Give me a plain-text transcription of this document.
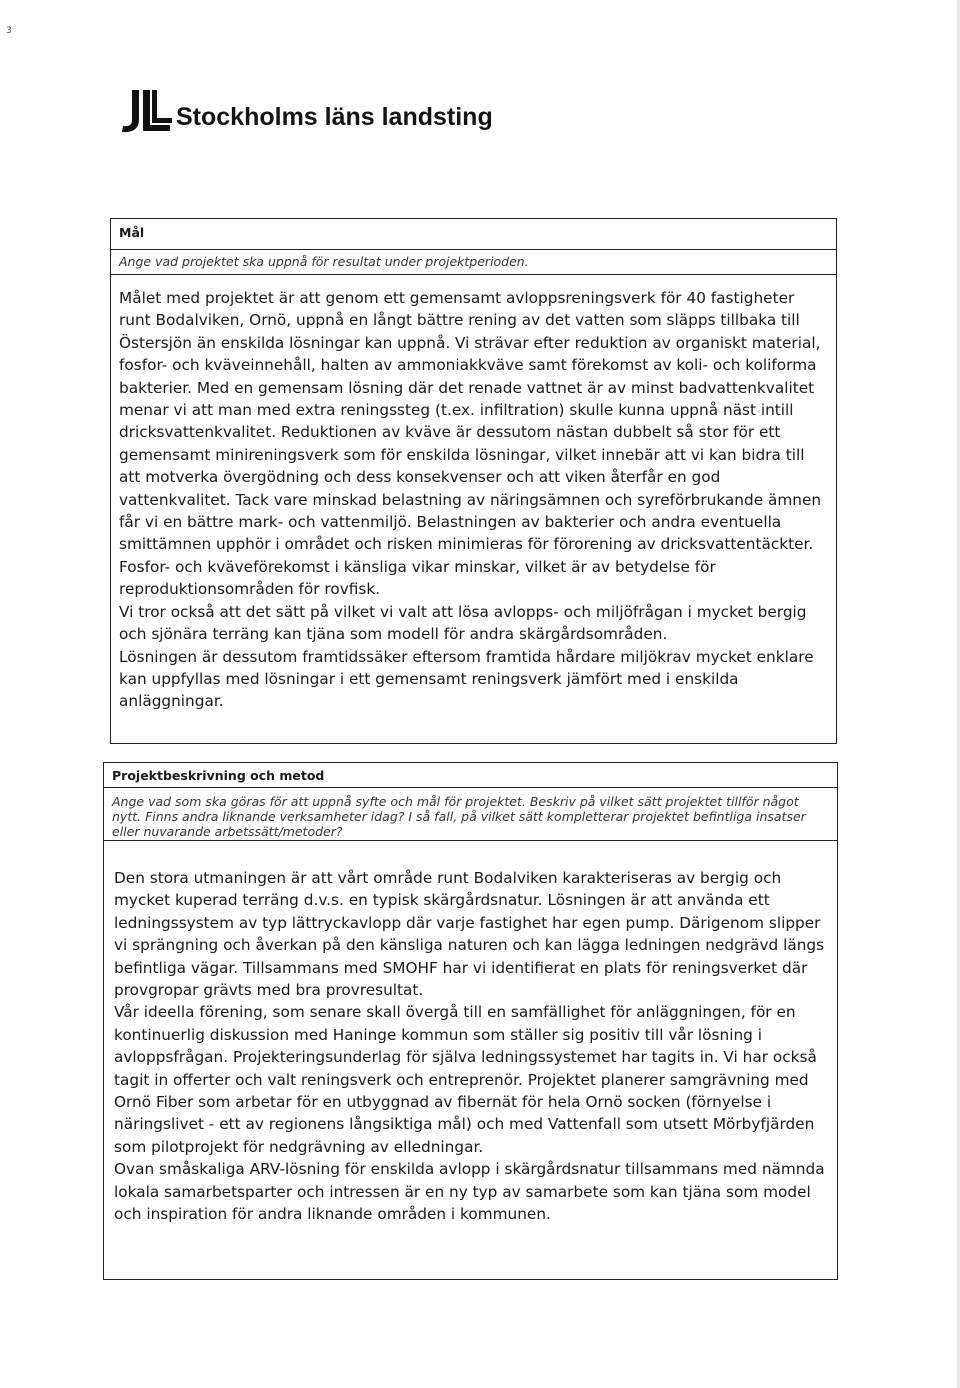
3
Stockholms läns landsting
Mål
Ange vad projektet ska uppnå för resultat under projektperioden.

Målet med projektet är att genom ett gemensamt avloppsreningsverk för 40 fastigheter runt Bodalviken, Ornö, uppnå en långt bättre rening av det vatten som släpps tillbaka till Östersjön än enskilda lösningar kan uppnå. Vi strävar efter reduktion av organiskt material, fosfor- och kväveinnehåll, halten av ammoniakkväve samt förekomst av koli- och koliforma bakterier. Med en gemensam lösning där det renade vattnet är av minst badvattenkvalitet menar vi att man med extra reningssteg (t.ex. infiltration) skulle kunna uppnå näst intill dricksvattenkvalitet. Reduktionen av kväve är dessutom nästan dubbelt så stor för ett gemensamt minireningsverk som för enskilda lösningar, vilket innebär att vi kan bidra till att motverka övergödning och dess konsekvenser och att viken återfår en god vattenkvalitet. Tack vare minskad belastning av näringsämnen och syreförbrukande ämnen får vi en bättre mark- och vattenmiljö. Belastningen av bakterier och andra eventuella smittämnen upphör i området och risken minimieras för förorening av dricksvattentäckter. Fosfor- och kväveförekomst i känsliga vikar minskar, vilket är av betydelse för reproduktionsområden för rovfisk.

Vi tror också att det sätt på vilket vi valt att lösa avlopps- och miljöfrågan i mycket bergig och sjönära terräng kan tjäna som modell för andra skärgårdsområden.

Lösningen är dessutom framtidssäker eftersom framtida hårdare miljökrav mycket enklare kan uppfyllas med lösningar i ett gemensamt reningsverk jämfört med i enskilda anläggningar.

Projektbeskrivning och metod
Ange vad som ska göras för att uppnå syfte och mål för projektet. Beskriv på vilket sätt projektet tillför något nytt. Finns andra liknande verksamheter idag? I så fall, på vilket sätt kompletterar projektet befintliga insatser eller nuvarande arbetssätt/metoder?

Den stora utmaningen är att vårt område runt Bodalviken karakteriseras av bergig och mycket kuperad terräng d.v.s. en typisk skärgårdsnatur. Lösningen är att använda ett ledningssystem av typ lättryckavlopp där varje fastighet har egen pump. Därigenom slipper vi sprängning och åverkan på den känsliga naturen och kan lägga ledningen nedgrävd längs befintliga vägar. Tillsammans med SMOHF har vi identifierat en plats för reningsverket där provgropar grävts med bra provresultat.

Vår ideella förening, som senare skall övergå till en samfällighet för anläggningen, för en kontinuerlig diskussion med Haninge kommun som ställer sig positiv till vår lösning i avloppsfrågan. Projekteringsunderlag för själva ledningssystemet har tagits in. Vi har också tagit in offerter och valt reningsverk och entreprenör. Projektet planerer samgrävning med Ornö Fiber som arbetar för en utbyggnad av fibernät för hela Ornö socken (förnyelse i näringslivet - ett av regionens långsiktiga mål) och med Vattenfall som utsett Mörbyfjärden som pilotprojekt för nedgrävning av elledningar.

Ovan småskaliga ARV-lösning för enskilda avlopp i skärgårdsnatur tillsammans med nämnda lokala samarbetsparter och intressen är en ny typ av samarbete som kan tjäna som model och inspiration för andra liknande områden i kommunen.
